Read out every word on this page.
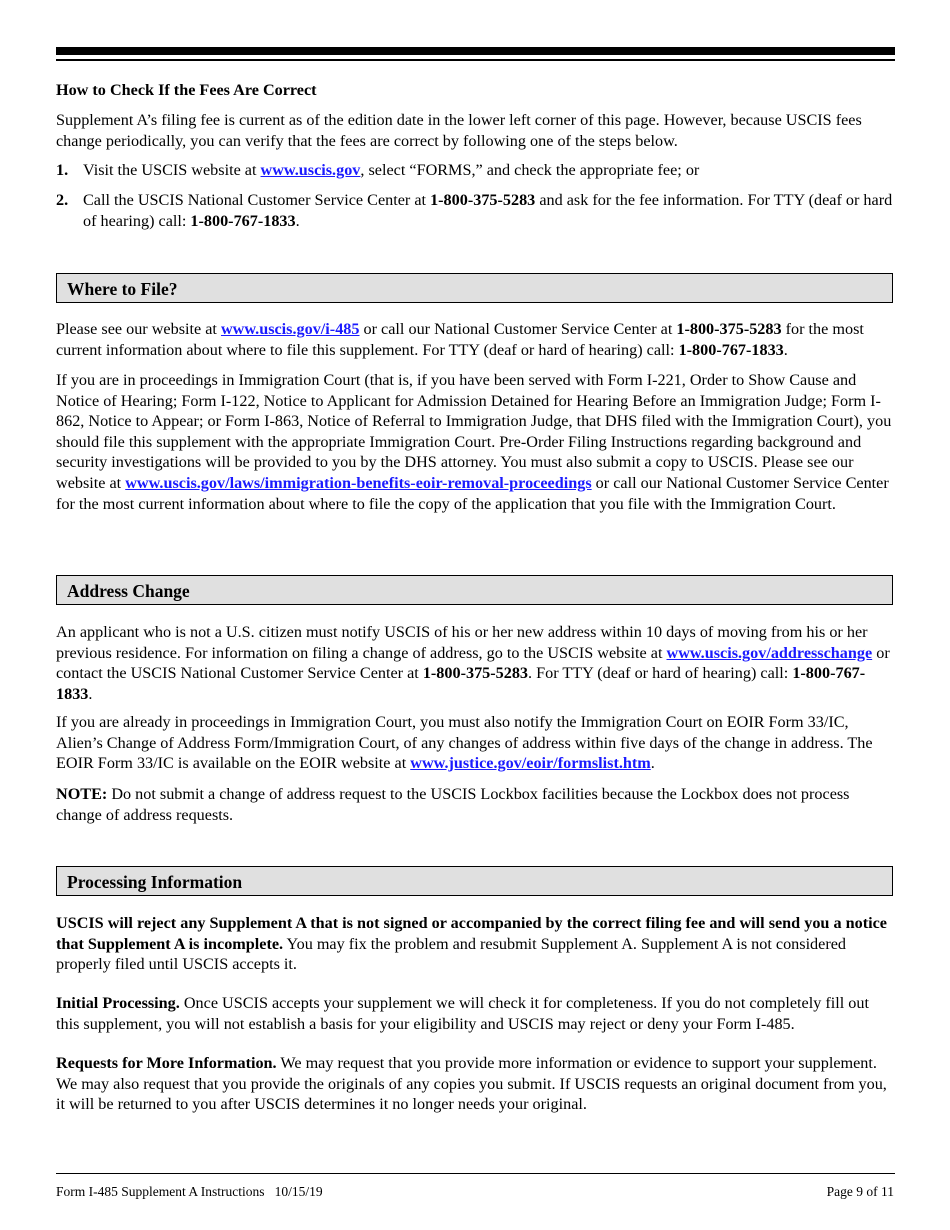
How to Check If the Fees Are Correct

Supplement A’s filing fee is current as of the edition date in the lower left corner of this page. However, because USCIS fees change periodically, you can verify that the fees are correct by following one of the steps below.

1. Visit the USCIS website at www.uscis.gov, select “FORMS,” and check the appropriate fee; or

2. Call the USCIS National Customer Service Center at 1-800-375-5283 and ask for the fee information. For TTY (deaf or hard of hearing) call: 1-800-767-1833.

Where to File?

Please see our website at www.uscis.gov/i-485 or call our National Customer Service Center at 1-800-375-5283 for the most current information about where to file this supplement. For TTY (deaf or hard of hearing) call: 1-800-767-1833.

If you are in proceedings in Immigration Court (that is, if you have been served with Form I-221, Order to Show Cause and Notice of Hearing; Form I-122, Notice to Applicant for Admission Detained for Hearing Before an Immigration Judge; Form I-862, Notice to Appear; or Form I-863, Notice of Referral to Immigration Judge, that DHS filed with the Immigration Court), you should file this supplement with the appropriate Immigration Court. Pre-Order Filing Instructions regarding background and security investigations will be provided to you by the DHS attorney. You must also submit a copy to USCIS. Please see our website at www.uscis.gov/laws/immigration-benefits-eoir-removal-proceedings or call our National Customer Service Center for the most current information about where to file the copy of the application that you file with the Immigration Court.

Address Change

An applicant who is not a U.S. citizen must notify USCIS of his or her new address within 10 days of moving from his or her previous residence. For information on filing a change of address, go to the USCIS website at www.uscis.gov/addresschange or contact the USCIS National Customer Service Center at 1-800-375-5283. For TTY (deaf or hard of hearing) call: 1-800-767-1833.

If you are already in proceedings in Immigration Court, you must also notify the Immigration Court on EOIR Form 33/IC, Alien’s Change of Address Form/Immigration Court, of any changes of address within five days of the change in address. The EOIR Form 33/IC is available on the EOIR website at www.justice.gov/eoir/formslist.htm.

NOTE: Do not submit a change of address request to the USCIS Lockbox facilities because the Lockbox does not process change of address requests.

Processing Information

USCIS will reject any Supplement A that is not signed or accompanied by the correct filing fee and will send you a notice that Supplement A is incomplete. You may fix the problem and resubmit Supplement A. Supplement A is not considered properly filed until USCIS accepts it.

Initial Processing. Once USCIS accepts your supplement we will check it for completeness. If you do not completely fill out this supplement, you will not establish a basis for your eligibility and USCIS may reject or deny your Form I-485.

Requests for More Information. We may request that you provide more information or evidence to support your supplement. We may also request that you provide the originals of any copies you submit. If USCIS requests an original document from you, it will be returned to you after USCIS determines it no longer needs your original.

Form I-485 Supplement A Instructions   10/15/19	Page 9 of 11
